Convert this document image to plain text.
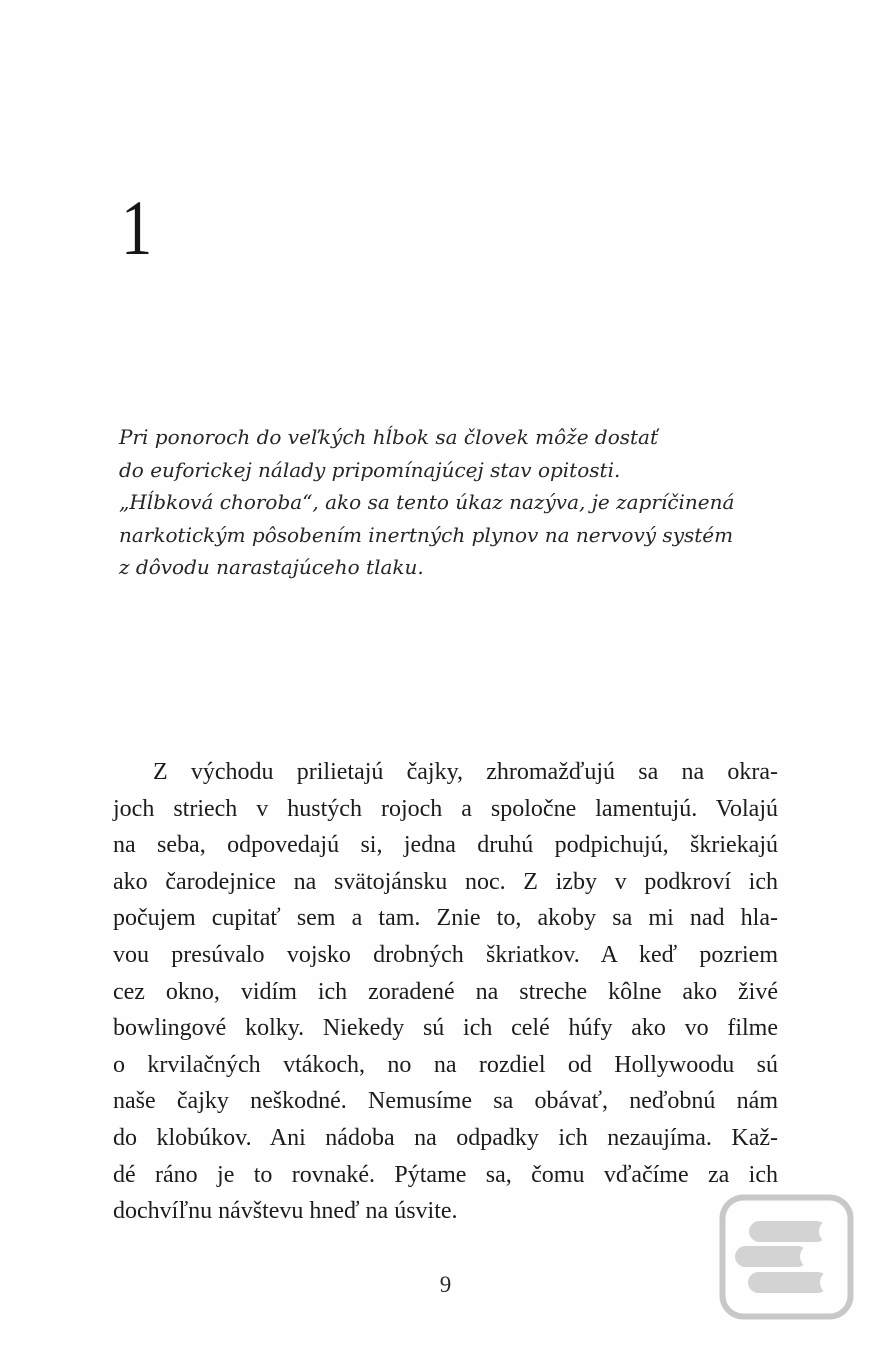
1
Pri ponoroch do veľkých hĺbok sa človek môže dostať
do euforickej nálady pripomínajúcej stav opitosti.
„Hĺbková choroba“, ako sa tento úkaz nazýva, je zapríčinená
narkotickým pôsobením inertných plynov na nervový systém
z dôvodu narastajúceho tlaku.
Z východu prilietajú čajky, zhromažďujú sa na okra-
joch striech v hustých rojoch a spoločne lamentujú. Volajú
na seba, odpovedajú si, jedna druhú podpichujú, škriekajú
ako čarodejnice na svätojánsku noc. Z izby v podkroví ich
počujem cupitať sem a tam. Znie to, akoby sa mi nad hla-
vou presúvalo vojsko drobných škriatkov. A keď pozriem
cez okno, vidím ich zoradené na streche kôlne ako živé
bowlingové kolky. Niekedy sú ich celé húfy ako vo filme
o krvilačných vtákoch, no na rozdiel od Hollywoodu sú
naše čajky neškodné. Nemusíme sa obávať, neďobnú nám
do klobúkov. Ani nádoba na odpadky ich nezaujíma. Kaž-
dé ráno je to rovnaké. Pýtame sa, čomu vďačíme za ich
dochvíľnu návštevu hneď na úsvite.
9
